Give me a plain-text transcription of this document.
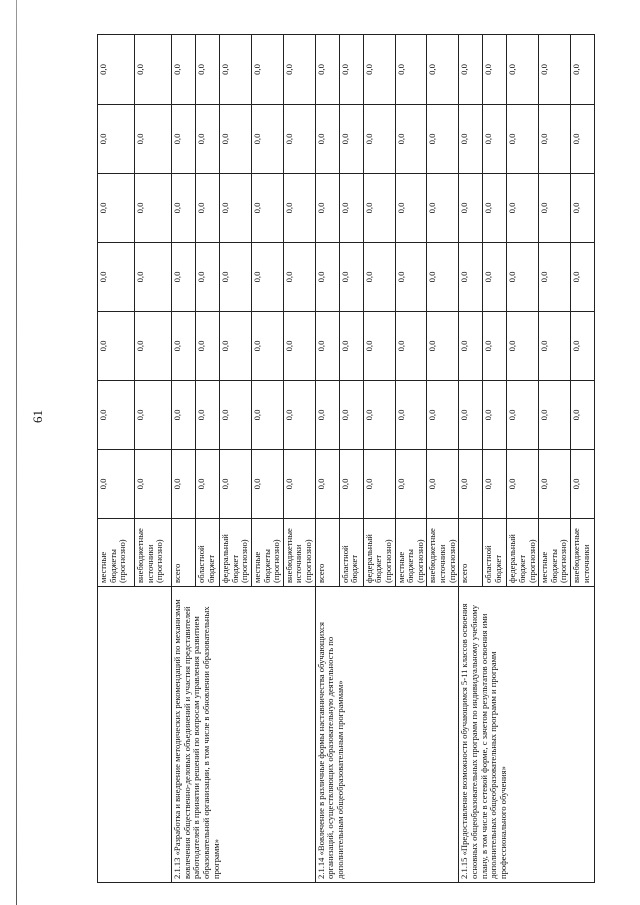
61
	местные бюджеты (прогнозно)	0,0	0,0	0,0	0,0	0,0	0,0	0,0
	внебюджетные источники (прогнозно)	0,0	0,0	0,0	0,0	0,0	0,0	0,0
2.1.13 «Разработка и внедрение методических рекомендаций по механизмам вовлечения общественно-деловых объединений и участия представителей работодателей в принятии решений по вопросам управления развитием образовательной организации, в том числе в обновлении образовательных программ»	всего	0,0	0,0	0,0	0,0	0,0	0,0	0,0
	областной бюджет	0,0	0,0	0,0	0,0	0,0	0,0	0,0
	федеральный бюджет (прогнозно)	0,0	0,0	0,0	0,0	0,0	0,0	0,0
	местные бюджеты (прогнозно)	0,0	0,0	0,0	0,0	0,0	0,0	0,0
	внебюджетные источники (прогнозно)	0,0	0,0	0,0	0,0	0,0	0,0	0,0
2.1.14 «Вовлечение в различные формы наставничества обучающихся организаций, осуществляющих образовательную деятельность по дополнительным общеобразовательным программам»	всего	0,0	0,0	0,0	0,0	0,0	0,0	0,0
	областной бюджет	0,0	0,0	0,0	0,0	0,0	0,0	0,0
	федеральный бюджет (прогнозно)	0,0	0,0	0,0	0,0	0,0	0,0	0,0
	местные бюджеты (прогнозно)	0,0	0,0	0,0	0,0	0,0	0,0	0,0
	внебюджетные источники (прогнозно)	0,0	0,0	0,0	0,0	0,0	0,0	0,0
2.1.15 «Предоставление возможности обучающимся 5-11 классов освоения основных общеобразовательных программ по индивидуальному учебному плану, в том числе в сетевой форме, с зачетом результатов освоения ими дополнительных общеобразовательных программ и программ профессионального обучения»	всего	0,0	0,0	0,0	0,0	0,0	0,0	0,0
	областной бюджет	0,0	0,0	0,0	0,0	0,0	0,0	0,0
	федеральный бюджет (прогнозно)	0,0	0,0	0,0	0,0	0,0	0,0	0,0
	местные бюджеты (прогнозно)	0,0	0,0	0,0	0,0	0,0	0,0	0,0
	внебюджетные источники	0,0	0,0	0,0	0,0	0,0	0,0	0,0
